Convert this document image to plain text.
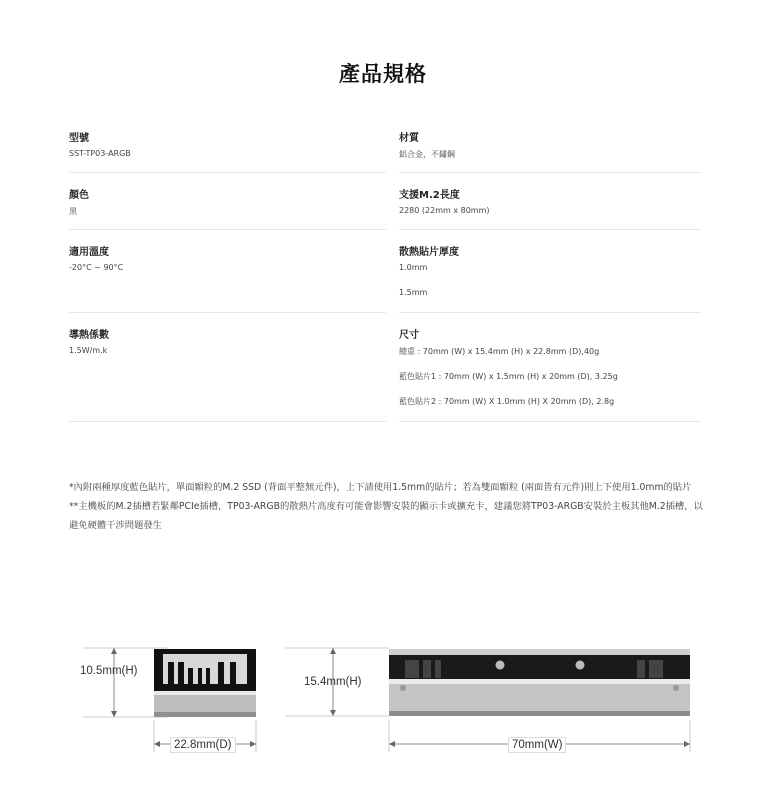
產品規格
型號
SST-TP03-ARGB
顏色
黑
適用溫度
-20°C ~ 90°C
導熱係數
1.5W/m.k
材質
鋁合金，不鏽鋼
支援M.2長度
2280 (22mm x 80mm)
散熱貼片厚度
1.0mm
1.5mm
尺寸
總重 : 70mm (W) x 15.4mm (H) x 22.8mm (D),40g
藍色貼片1 : 70mm (W) x 1.5mm (H) x 20mm (D), 3.25g
藍色貼片2 : 70mm (W) X 1.0mm (H) X 20mm (D), 2.8g

*內附兩種厚度藍色貼片，單面顆粒的M.2 SSD (背面平整無元件)，上下請使用1.5mm的貼片；若為雙面顆粒 (兩面皆有元件)則上下使用1.0mm的貼片

**主機板的M.2插槽若緊鄰PCIe插槽，TP03-ARGB的散熱片高度有可能會影響安裝的顯示卡或擴充卡，建議您將TP03-ARGB安裝於主板其他M.2插槽，以避免硬體干涉問題發生

10.5mm(H)
22.8mm(D)
15.4mm(H)
70mm(W)
